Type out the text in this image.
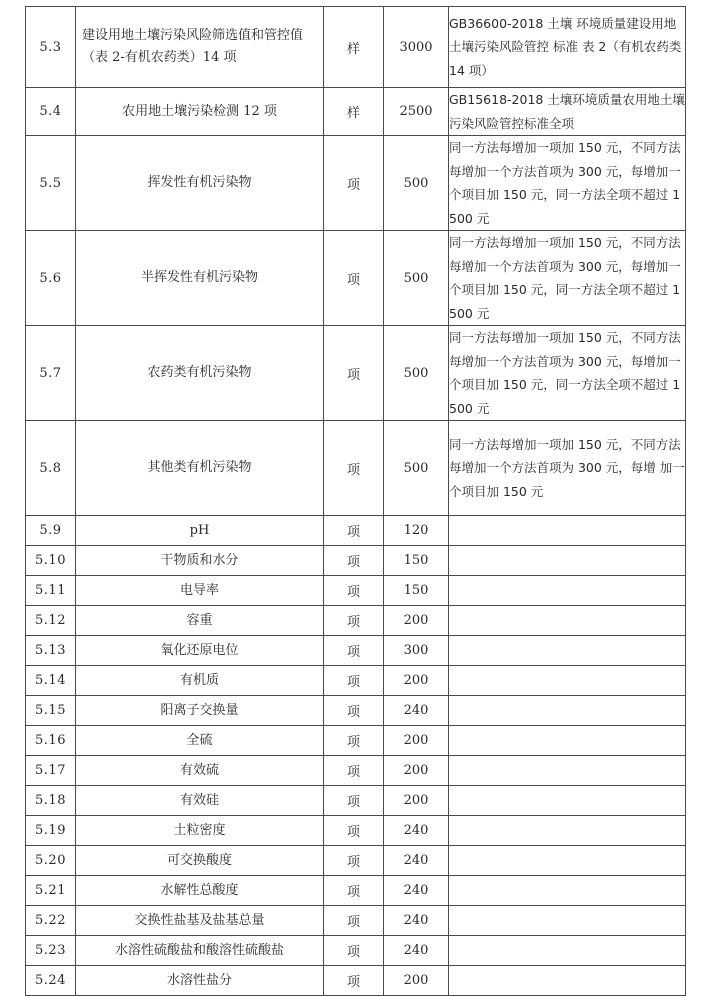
5.3	建设用地土壤污染风险筛选值和管控值（表 2-有机农药类）14 项	样	3000	GB36600-2018 土壤 环境质量建设用地土壤污染风险管控 标准 表 2（有机农药类 14 项）
5.4	农用地土壤污染检测 12 项	样	2500	GB15618-2018 土壤环境质量农用地土壤污染风险管控标准全项
5.5	挥发性有机污染物	项	500	同一方法每增加一项加 150 元，不同方法每增加一个方法首项为 300 元，每增加一个项目加 150 元，同一方法全项不超过 1500 元
5.6	半挥发性有机污染物	项	500	同一方法每增加一项加 150 元，不同方法每增加一个方法首项为 300 元，每增加一个项目加 150 元，同一方法全项不超过 1500 元
5.7	农药类有机污染物	项	500	同一方法每增加一项加 150 元，不同方法每增加一个方法首项为 300 元，每增加一个项目加 150 元，同一方法全项不超过 1500 元
5.8	其他类有机污染物	项	500	同一方法每增加一项加 150 元，不同方法每增加一个方法首项为 300 元，每增 加一个项目加 150 元
5.9	pH	项	120	
5.10	干物质和水分	项	150	
5.11	电导率	项	150	
5.12	容重	项	200	
5.13	氧化还原电位	项	300	
5.14	有机质	项	200	
5.15	阳离子交换量	项	240	
5.16	全硫	项	200	
5.17	有效硫	项	200	
5.18	有效硅	项	200	
5.19	土粒密度	项	240	
5.20	可交换酸度	项	240	
5.21	水解性总酸度	项	240	
5.22	交换性盐基及盐基总量	项	240	
5.23	水溶性硫酸盐和酸溶性硫酸盐	项	240	
5.24	水溶性盐分	项	200	
